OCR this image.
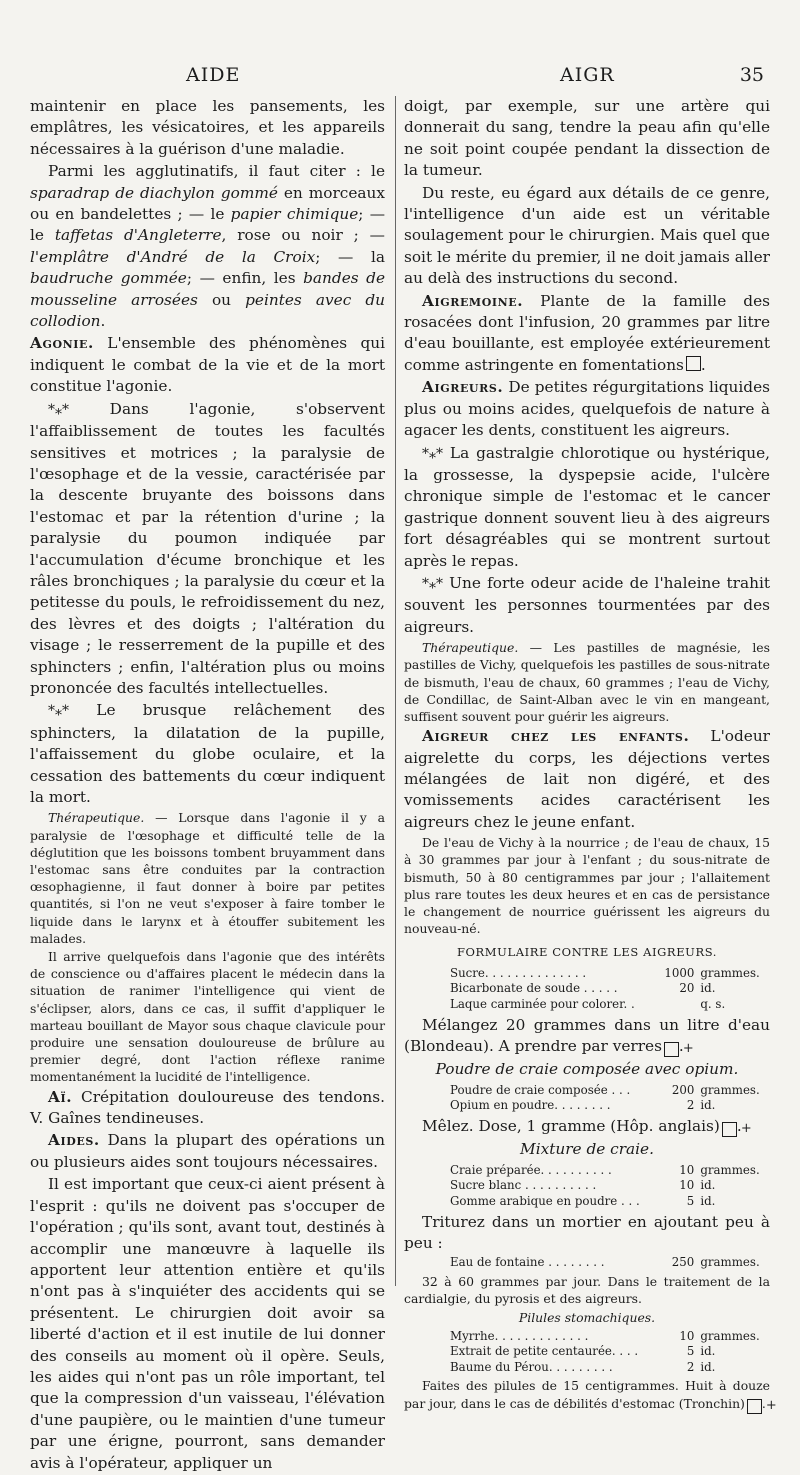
AIDE	AIGR	35

maintenir en place les pansements, les emplâtres, les vésicatoires, et les appareils nécessaires à la guérison d'une maladie.

Parmi les agglutinatifs, il faut citer : le sparadrap de diachylon gommé en morceaux ou en bandelettes ; — le papier chimique; — le taffetas d'Angleterre, rose ou noir ; — l'emplâtre d'André de la Croix; — la baudruche gommée; — enfin, les bandes de mousseline arrosées ou peintes avec du collodion.

Agonie. L'ensemble des phénomènes qui indiquent le combat de la vie et de la mort constitue l'agonie.

*⁎* Dans l'agonie, s'observent l'affaiblissement de toutes les facultés sensitives et motrices ; la paralysie de l'œsophage et de la vessie, caractérisée par la descente bruyante des boissons dans l'estomac et par la rétention d'urine ; la paralysie du poumon indiquée par l'accumulation d'écume bronchique et les râles bronchiques ; la paralysie du cœur et la petitesse du pouls, le refroidissement du nez, des lèvres et des doigts ; l'altération du visage ; le resserrement de la pupille et des sphincters ; enfin, l'altération plus ou moins prononcée des facultés intellectuelles.

*⁎* Le brusque relâchement des sphincters, la dilatation de la pupille, l'affaissement du globe oculaire, et la cessation des battements du cœur indiquent la mort.

Thérapeutique. — Lorsque dans l'agonie il y a paralysie de l'œsophage et difficulté telle de la déglutition que les boissons tombent bruyamment dans l'estomac sans être conduites par la contraction œsophagienne, il faut donner à boire par petites quantités, si l'on ne veut s'exposer à faire tomber le liquide dans le larynx et à étouffer subitement les malades.

Il arrive quelquefois dans l'agonie que des intérêts de conscience ou d'affaires placent le médecin dans la situation de ranimer l'intelligence qui vient de s'éclipser, alors, dans ce cas, il suffit d'appliquer le marteau bouillant de Mayor sous chaque clavicule pour produire une sensation douloureuse de brûlure au premier degré, dont l'action réflexe ranime momentanément la lucidité de l'intelligence.

Aï. Crépitation douloureuse des tendons. V. Gaînes tendineuses.

Aides. Dans la plupart des opérations un ou plusieurs aides sont toujours nécessaires.

Il est important que ceux-ci aient présent à l'esprit : qu'ils ne doivent pas s'occuper de l'opération ; qu'ils sont, avant tout, destinés à accomplir une manœuvre à laquelle ils apportent leur attention entière et qu'ils n'ont pas à s'inquiéter des accidents qui se présentent. Le chirurgien doit avoir sa liberté d'action et il est inutile de lui donner des conseils au moment où il opère. Seuls, les aides qui n'ont pas un rôle important, tel que la compression d'un vaisseau, l'élévation d'une paupière, ou le maintien d'une tumeur par une érigne, pourront, sans demander avis à l'opérateur, appliquer un

doigt, par exemple, sur une artère qui donnerait du sang, tendre la peau afin qu'elle ne soit point coupée pendant la dissection de la tumeur.

Du reste, eu égard aux détails de ce genre, l'intelligence d'un aide est un véritable soulagement pour le chirurgien. Mais quel que soit le mérite du premier, il ne doit jamais aller au delà des instructions du second.

Aigremoine. Plante de la famille des rosacées dont l'infusion, 20 grammes par litre d'eau bouillante, est employée extérieurement comme astringente en fomentations .

Aigreurs. De petites régurgitations liquides plus ou moins acides, quelquefois de nature à agacer les dents, constituent les aigreurs.

*⁎* La gastralgie chlorotique ou hystérique, la grossesse, la dyspepsie acide, l'ulcère chronique simple de l'estomac et le cancer gastrique donnent souvent lieu à des aigreurs fort désagréables qui se montrent surtout après le repas.

*⁎* Une forte odeur acide de l'haleine trahit souvent les personnes tourmentées par des aigreurs.

Thérapeutique. — Les pastilles de magnésie, les pastilles de Vichy, quelquefois les pastilles de sous-nitrate de bismuth, l'eau de chaux, 60 grammes ; l'eau de Vichy, de Condillac, de Saint-Alban avec le vin en mangeant, suffisent souvent pour guérir les aigreurs.

Aigreur chez les enfants. L'odeur aigrelette du corps, les déjections vertes mélangées de lait non digéré, et des vomissements acides caractérisent les aigreurs chez le jeune enfant.

De l'eau de Vichy à la nourrice ; de l'eau de chaux, 15 à 30 grammes par jour à l'enfant ; du sous-nitrate de bismuth, 50 à 80 centigrammes par jour ; l'allaitement plus rare toutes les deux heures et en cas de persistance le changement de nourrice guérissent les aigreurs du nouveau-né.

FORMULAIRE CONTRE LES AIGREURS.
Sucre. . . . . . . . . . . . . .	1000	grammes.
Bicarbonate de soude . . . . .	20	id.
Laque carminée pour colorer. .		q. s.

Mélangez 20 grammes dans un litre d'eau (Blondeau). A prendre par verres +.

Poudre de craie composée avec opium.
Poudre de craie composée . . .	200	grammes.
Opium en poudre. . . . . . . .	2	id.

Mêlez. Dose, 1 gramme (Hôp. anglais) +.

Mixture de craie.
Craie préparée. . . . . . . . . .	10	grammes.
Sucre blanc . . . . . . . . . .	10	id.
Gomme arabique en poudre . . .	5	id.

Triturez dans un mortier en ajoutant peu à peu :

Eau de fontaine . . . . . . . .	250	grammes.

32 à 60 grammes par jour. Dans le traitement de la cardialgie, du pyrosis et des aigreurs.

Pilules stomachiques.
Myrrhe. . . . . . . . . . . . .	10	grammes.
Extrait de petite centaurée. . . .	5	id.
Baume du Pérou. . . . . . . . .	2	id.

Faites des pilules de 15 centigrammes. Huit à douze par jour, dans le cas de débilités d'estomac (Tronchin) +.
